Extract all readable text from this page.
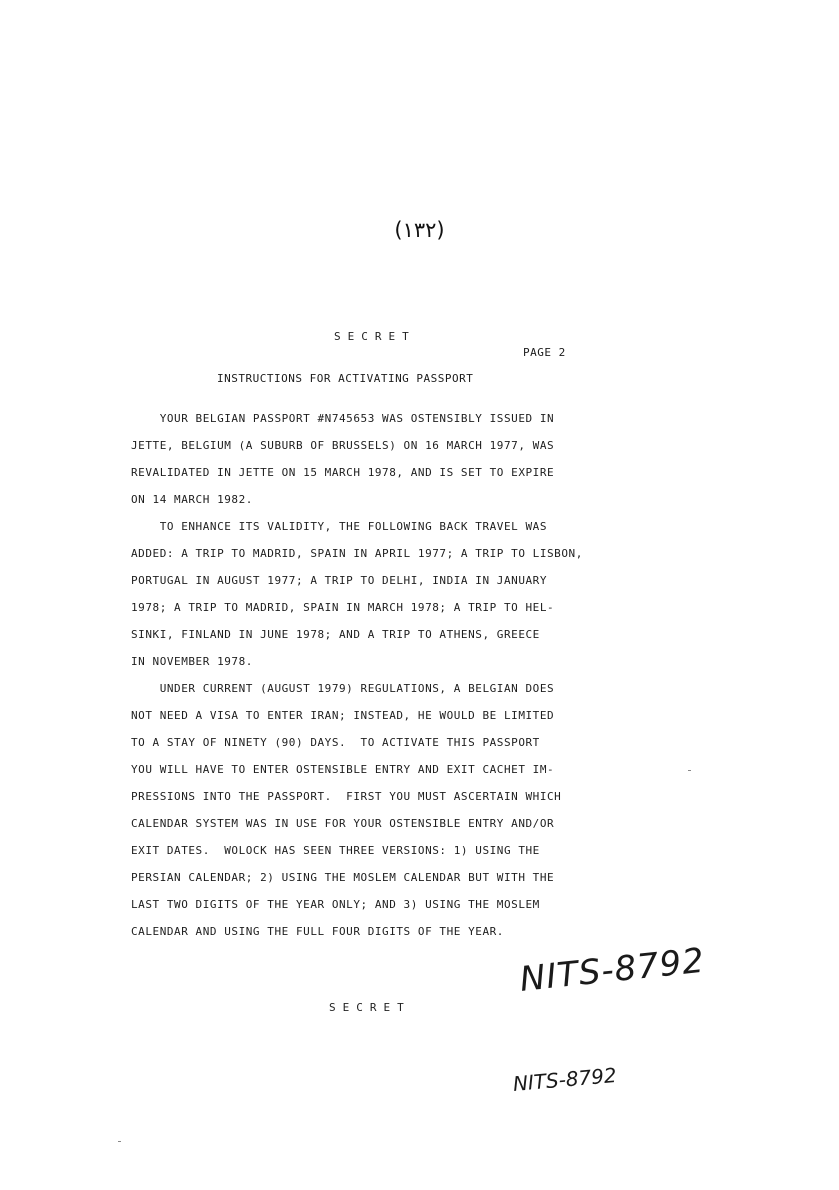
(١٣٢)
SECRET
PAGE 2
INSTRUCTIONS FOR ACTIVATING PASSPORT
YOUR BELGIAN PASSPORT #N745653 WAS OSTENSIBLY ISSUED IN
JETTE, BELGIUM (A SUBURB OF BRUSSELS) ON 16 MARCH 1977, WAS
REVALIDATED IN JETTE ON 15 MARCH 1978, AND IS SET TO EXPIRE
ON 14 MARCH 1982.
TO ENHANCE ITS VALIDITY, THE FOLLOWING BACK TRAVEL WAS
ADDED: A TRIP TO MADRID, SPAIN IN APRIL 1977; A TRIP TO LISBON,
PORTUGAL IN AUGUST 1977; A TRIP TO DELHI, INDIA IN JANUARY
1978; A TRIP TO MADRID, SPAIN IN MARCH 1978; A TRIP TO HEL-
SINKI, FINLAND IN JUNE 1978; AND A TRIP TO ATHENS, GREECE
IN NOVEMBER 1978.
UNDER CURRENT (AUGUST 1979) REGULATIONS, A BELGIAN DOES
NOT NEED A VISA TO ENTER IRAN; INSTEAD, HE WOULD BE LIMITED
TO A STAY OF NINETY (90) DAYS.  TO ACTIVATE THIS PASSPORT
YOU WILL HAVE TO ENTER OSTENSIBLE ENTRY AND EXIT CACHET IM-
PRESSIONS INTO THE PASSPORT.  FIRST YOU MUST ASCERTAIN WHICH
CALENDAR SYSTEM WAS IN USE FOR YOUR OSTENSIBLE ENTRY AND/OR
EXIT DATES.  WOLOCK HAS SEEN THREE VERSIONS: 1) USING THE
PERSIAN CALENDAR; 2) USING THE MOSLEM CALENDAR BUT WITH THE
LAST TWO DIGITS OF THE YEAR ONLY; AND 3) USING THE MOSLEM
CALENDAR AND USING THE FULL FOUR DIGITS OF THE YEAR.
NITS-8792
SECRET
NITS-8792
